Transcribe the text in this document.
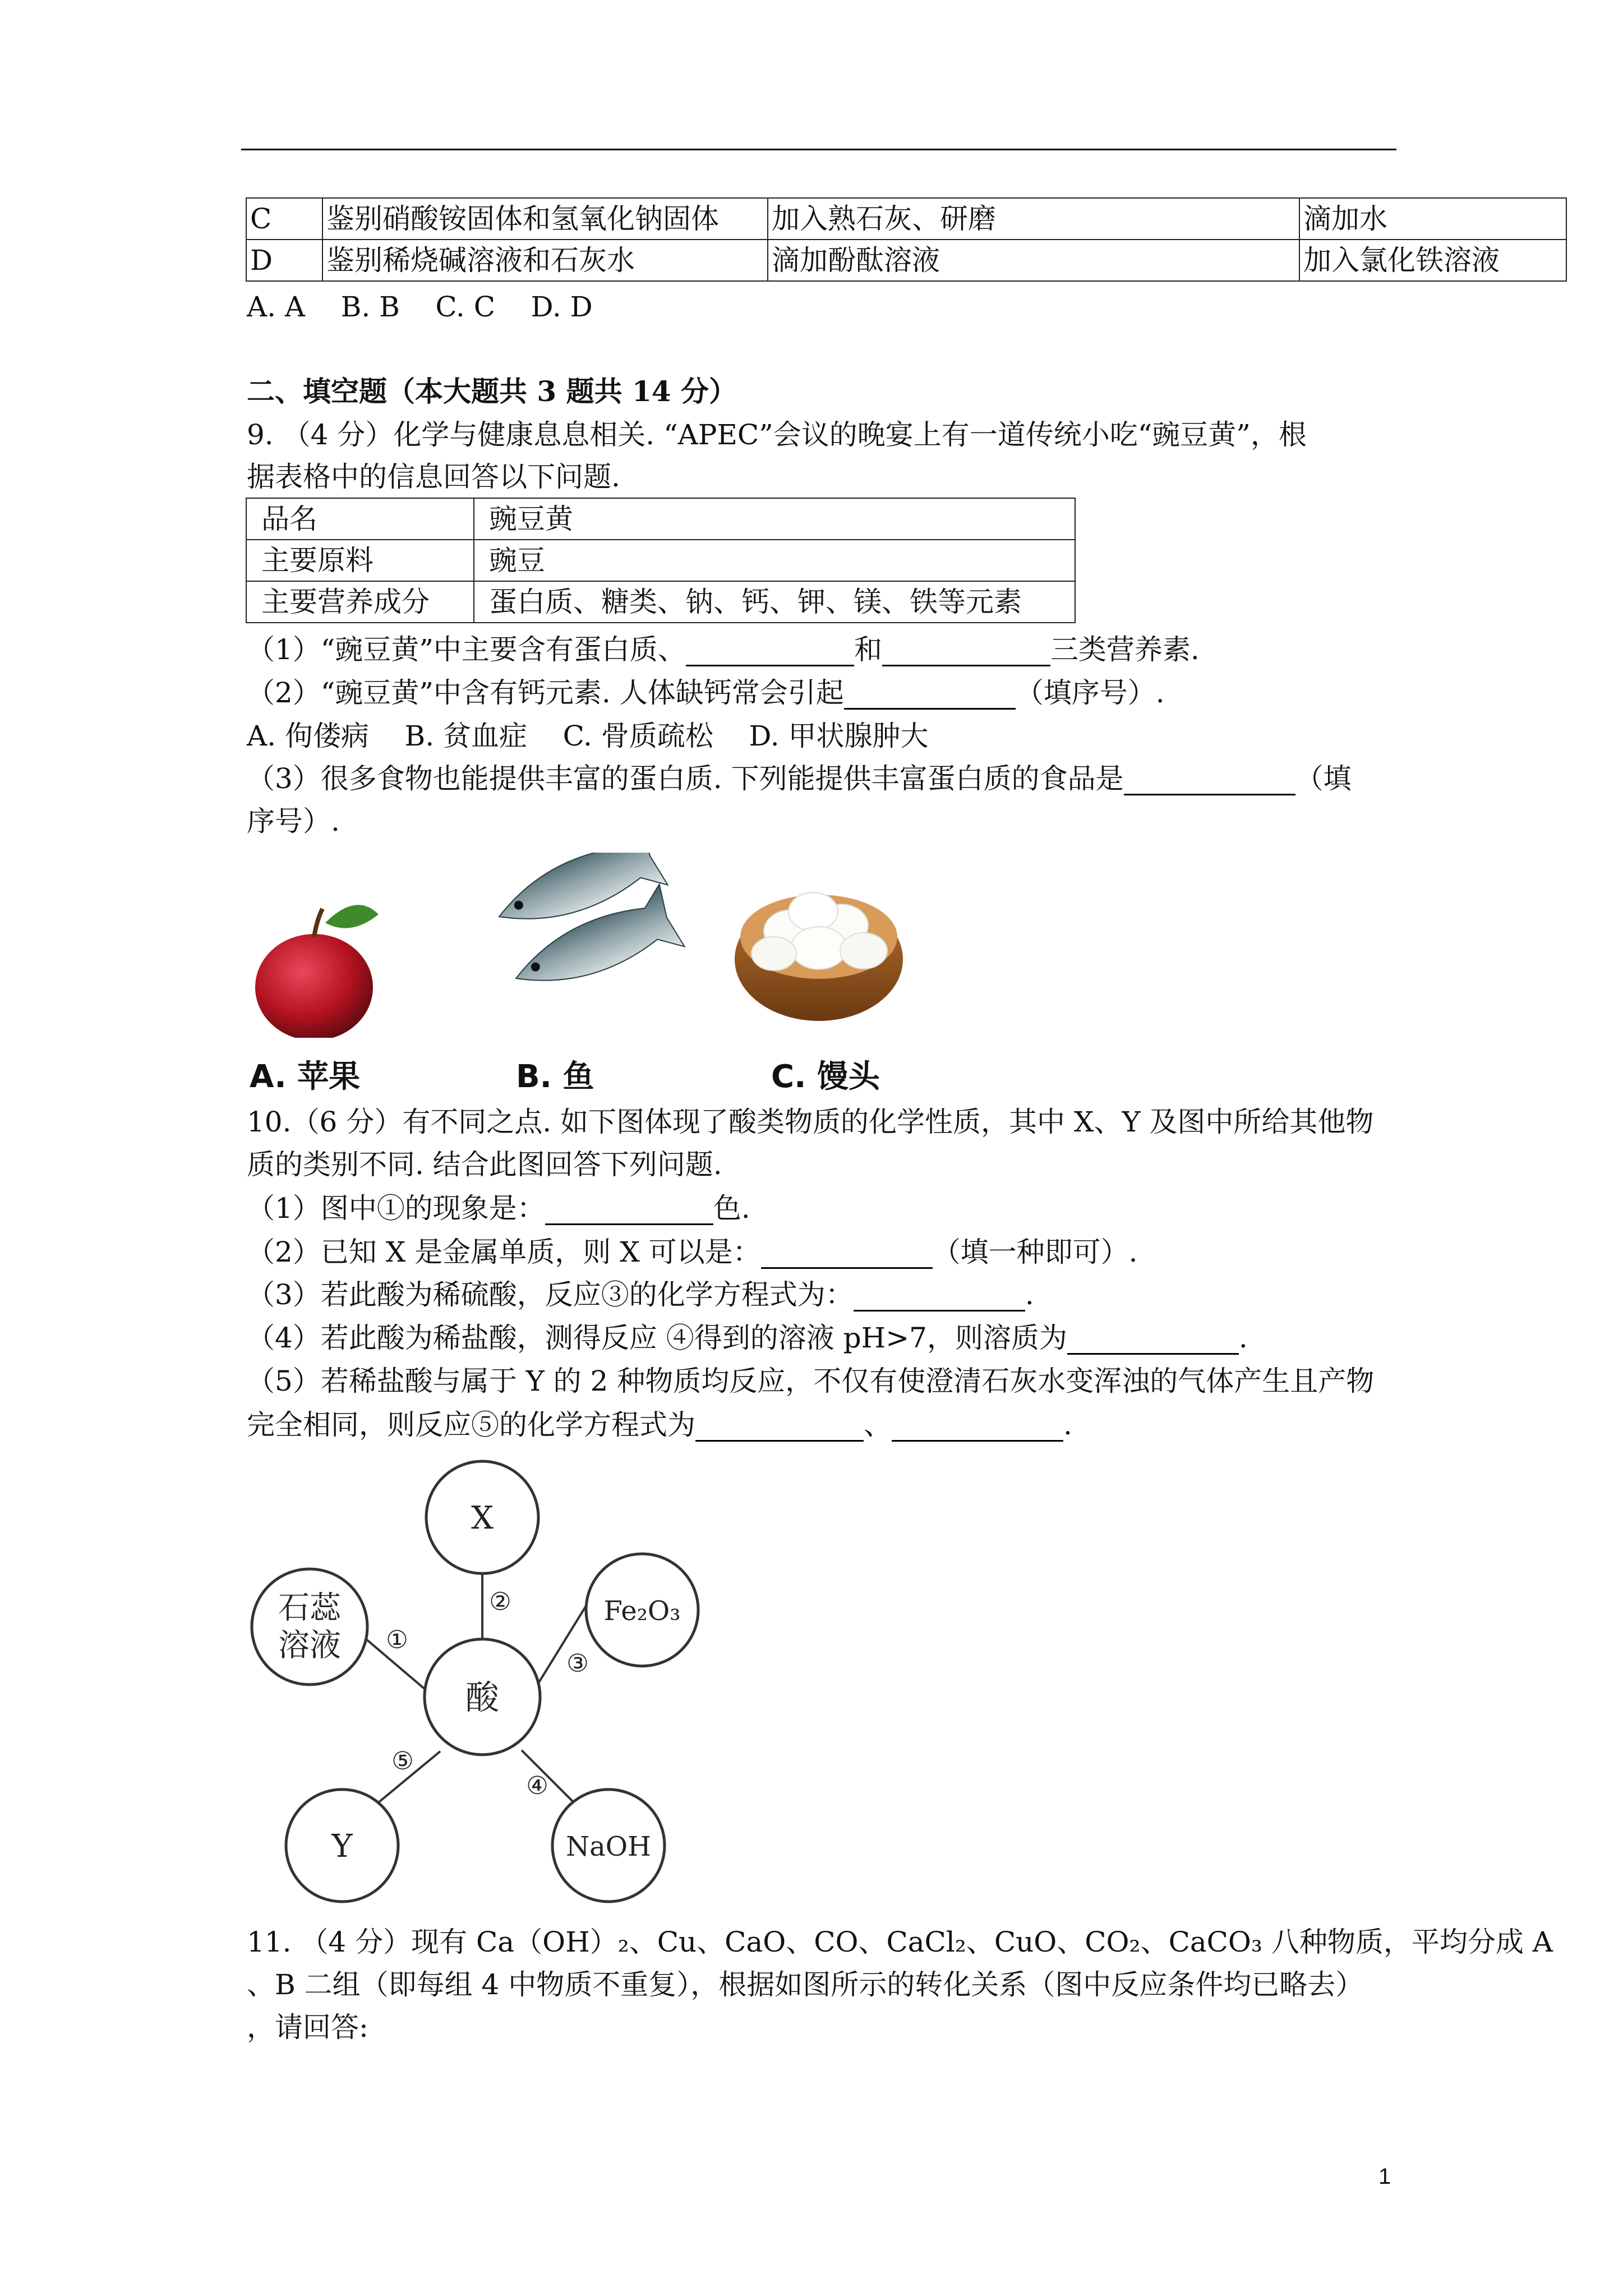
C	鉴别硝酸铵固体和氢氧化钠固体	加入熟石灰、研磨	滴加水
D	鉴别稀烧碱溶液和石灰水	滴加酚酞溶液	加入氯化铁溶液
A. A    B. B    C. C    D. D
二、填空题（本大题共 3 题共 14 分）
9. （4 分）化学与健康息息相关. “APEC”会议的晚宴上有一道传统小吃“豌豆黄”，根
据表格中的信息回答以下问题.
品名	豌豆黄
主要原料	豌豆
主要营养成分	蛋白质、糖类、钠、钙、钾、镁、铁等元素
（1）“豌豆黄”中主要含有蛋白质、	和	三类营养素.
（2）“豌豆黄”中含有钙元素. 人体缺钙常会引起	（填序号）.
A. 佝偻病    B. 贫血症    C. 骨质疏松    D. 甲状腺肿大
（3）很多食物也能提供丰富的蛋白质. 下列能提供丰富蛋白质的食品是	（填
序号）.
A. 苹果	B. 鱼	C. 馒头
10.（6 分）有不同之点. 如下图体现了酸类物质的化学性质，其中 X、Y 及图中所给其他物
质的类别不同. 结合此图回答下列问题.
（1）图中①的现象是：	色.
（2）已知 X 是金属单质，则 X 可以是：	（填一种即可）.
（3）若此酸为稀硫酸，反应③的化学方程式为：	.
（4）若此酸为稀盐酸，测得反应 ④得到的溶液 pH>7，则溶质为	.
（5）若稀盐酸与属于 Y 的 2 种物质均反应，不仅有使澄清石灰水变浑浊的气体产生且产物
完全相同，则反应⑤的化学方程式为	、	.
X
石蕊
溶液
Fe₂O₃
酸
Y	NaOH
①
②
③
④
⑤
11. （4 分）现有 Ca（OH）₂、Cu、CaO、CO、CaCl₂、CuO、CO₂、CaCO₃ 八种物质，平均分成 A
、B 二组（即每组 4 中物质不重复），根据如图所示的转化关系（图中反应条件均已略去）
，请回答:
1
